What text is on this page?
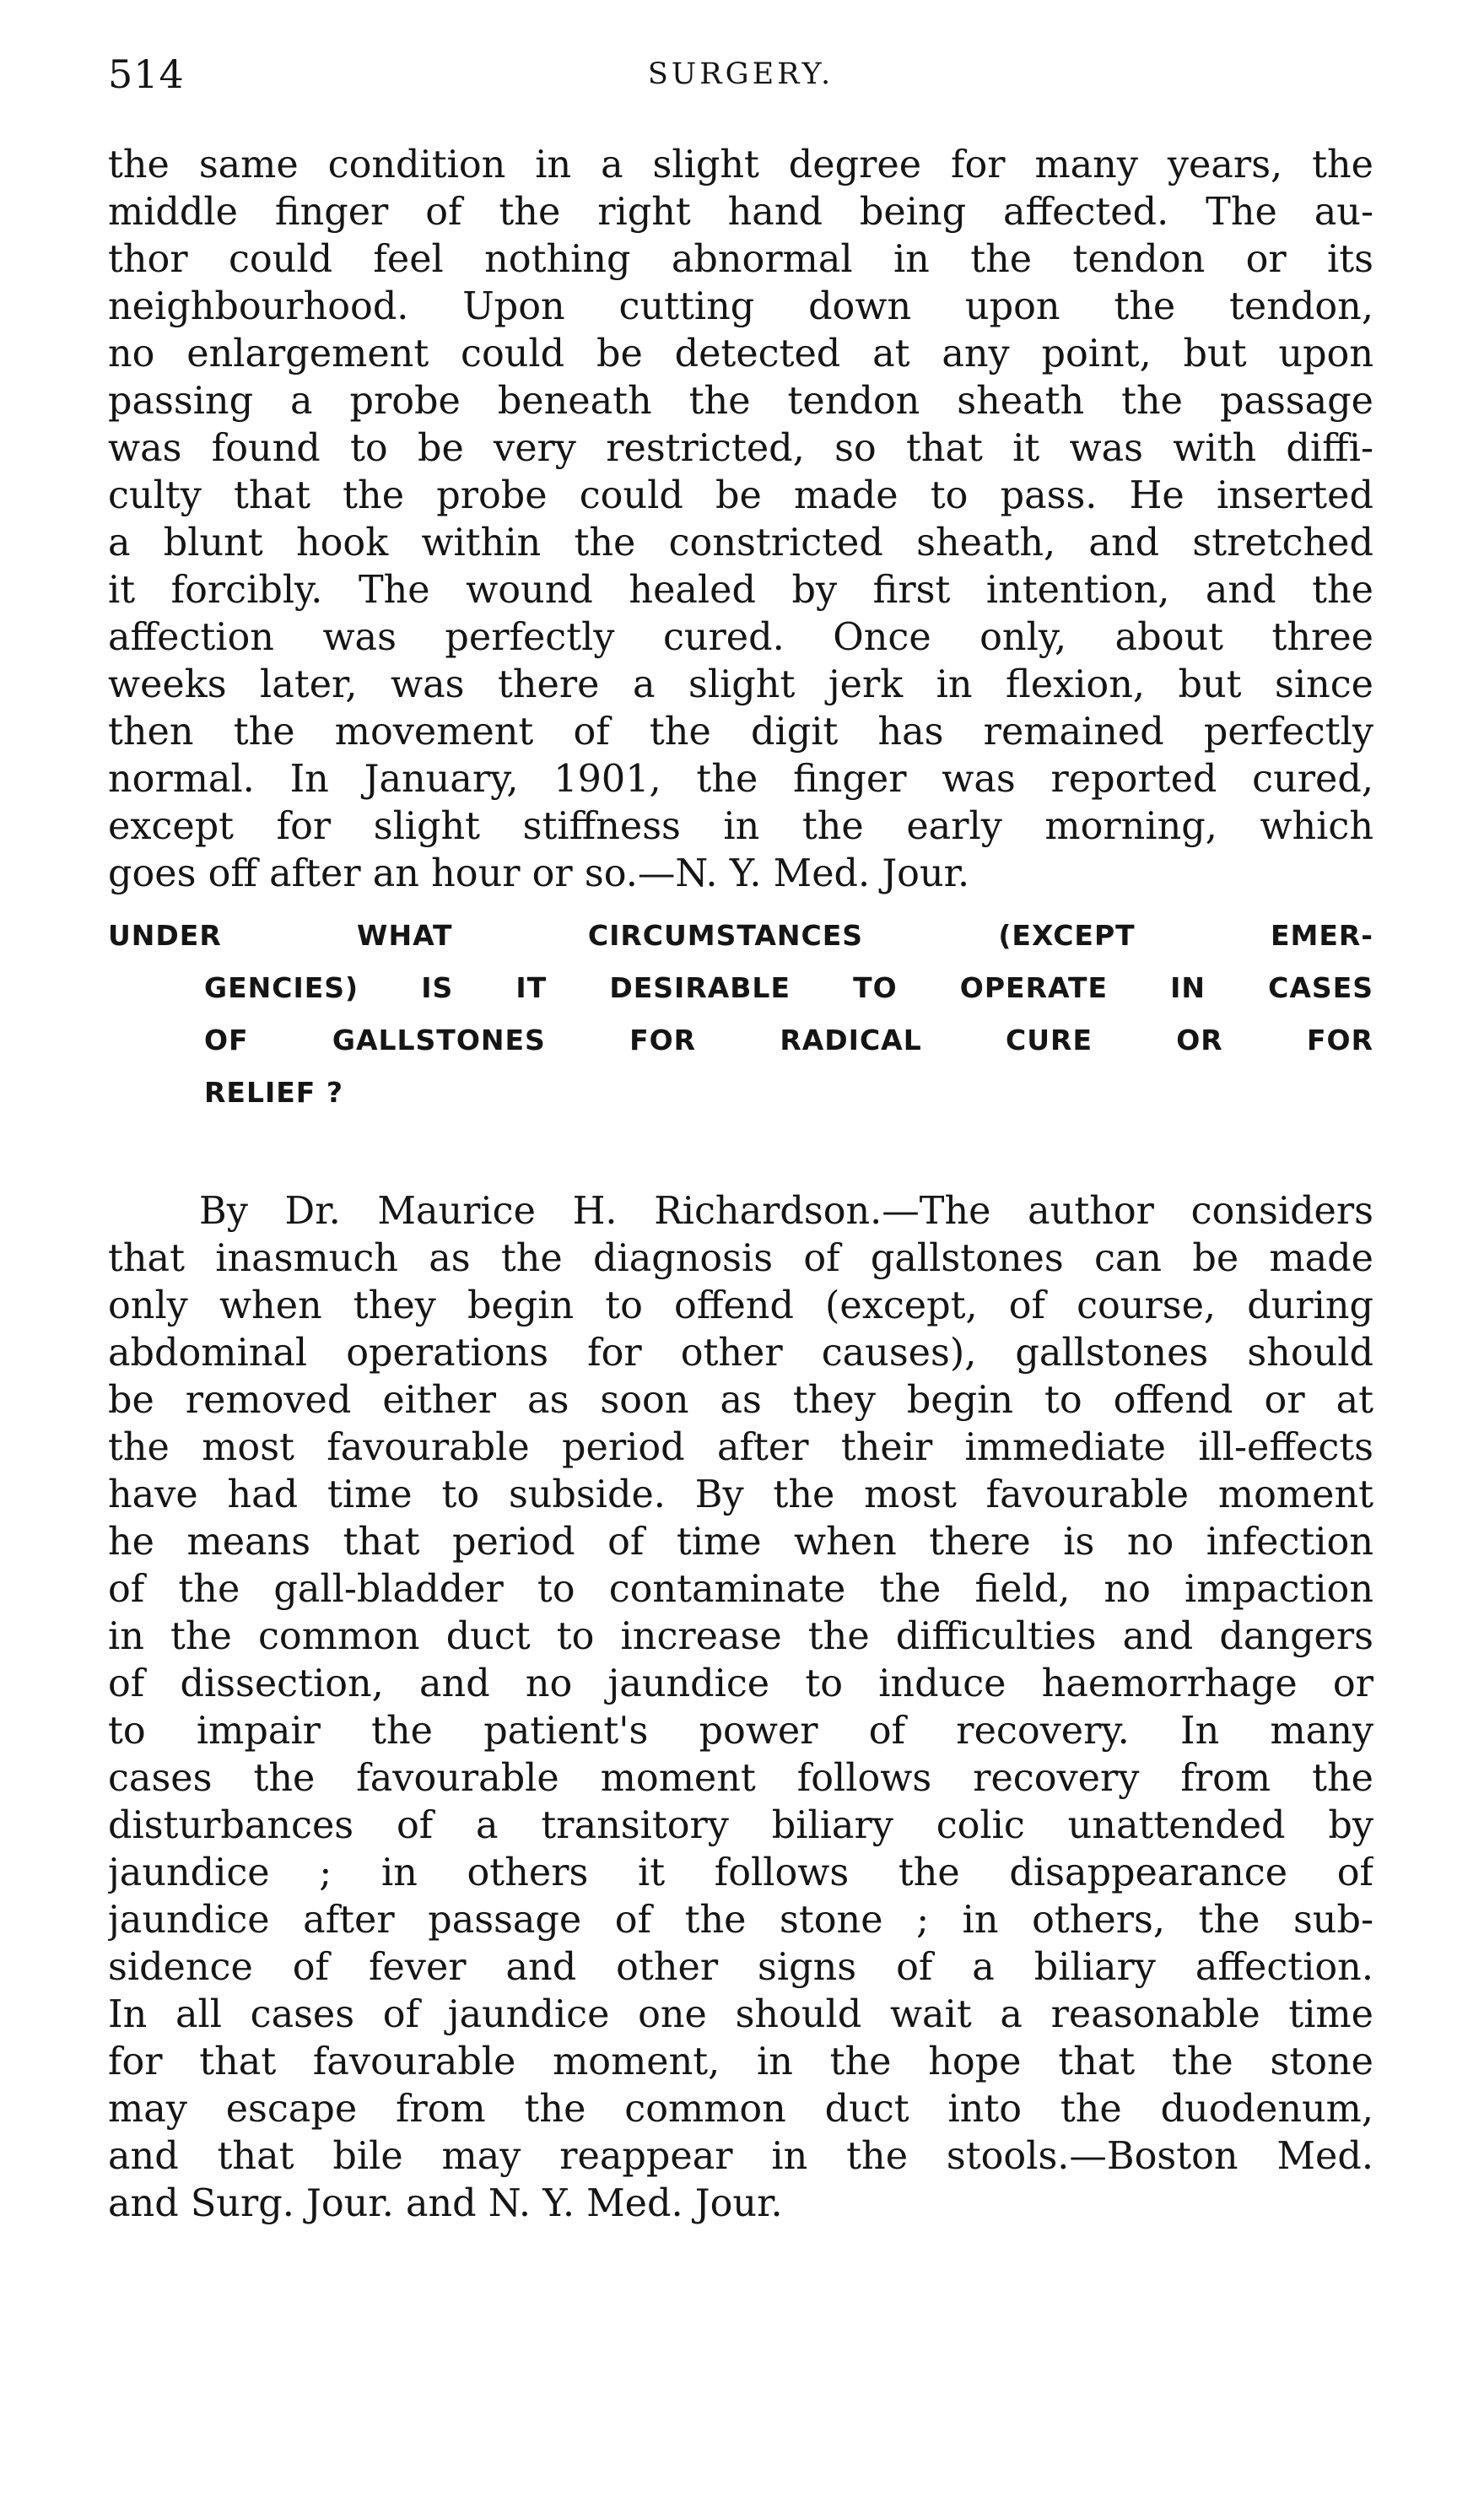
514	SURGERY.
the same condition in a slight degree for many years, the
middle finger of the right hand being affected. The au-
thor could feel nothing abnormal in the tendon or its
neighbourhood. Upon cutting down upon the tendon,
no enlargement could be detected at any point, but upon
passing a probe beneath the tendon sheath the passage
was found to be very restricted, so that it was with diffi-
culty that the probe could be made to pass. He inserted
a blunt hook within the constricted sheath, and stretched
it forcibly. The wound healed by first intention, and the
affection was perfectly cured. Once only, about three
weeks later, was there a slight jerk in flexion, but since
then the movement of the digit has remained perfectly
normal. In January, 1901, the finger was reported cured,
except for slight stiffness in the early morning, which
goes off after an hour or so.—N. Y. Med. Jour.
UNDER WHAT CIRCUMSTANCES (EXCEPT EMER-
GENCIES) IS IT DESIRABLE TO OPERATE IN CASES
OF GALLSTONES FOR RADICAL CURE OR FOR
RELIEF ?
By Dr. Maurice H. Richardson.—The author considers
that inasmuch as the diagnosis of gallstones can be made
only when they begin to offend (except, of course, during
abdominal operations for other causes), gallstones should
be removed either as soon as they begin to offend or at
the most favourable period after their immediate ill-effects
have had time to subside. By the most favourable moment
he means that period of time when there is no infection
of the gall-bladder to contaminate the field, no impaction
in the common duct to increase the difficulties and dangers
of dissection, and no jaundice to induce haemorrhage or
to impair the patient's power of recovery. In many
cases the favourable moment follows recovery from the
disturbances of a transitory biliary colic unattended by
jaundice ; in others it follows the disappearance of
jaundice after passage of the stone ; in others, the sub-
sidence of fever and other signs of a biliary affection.
In all cases of jaundice one should wait a reasonable time
for that favourable moment, in the hope that the stone
may escape from the common duct into the duodenum,
and that bile may reappear in the stools.—Boston Med.
and Surg. Jour. and N. Y. Med. Jour.
